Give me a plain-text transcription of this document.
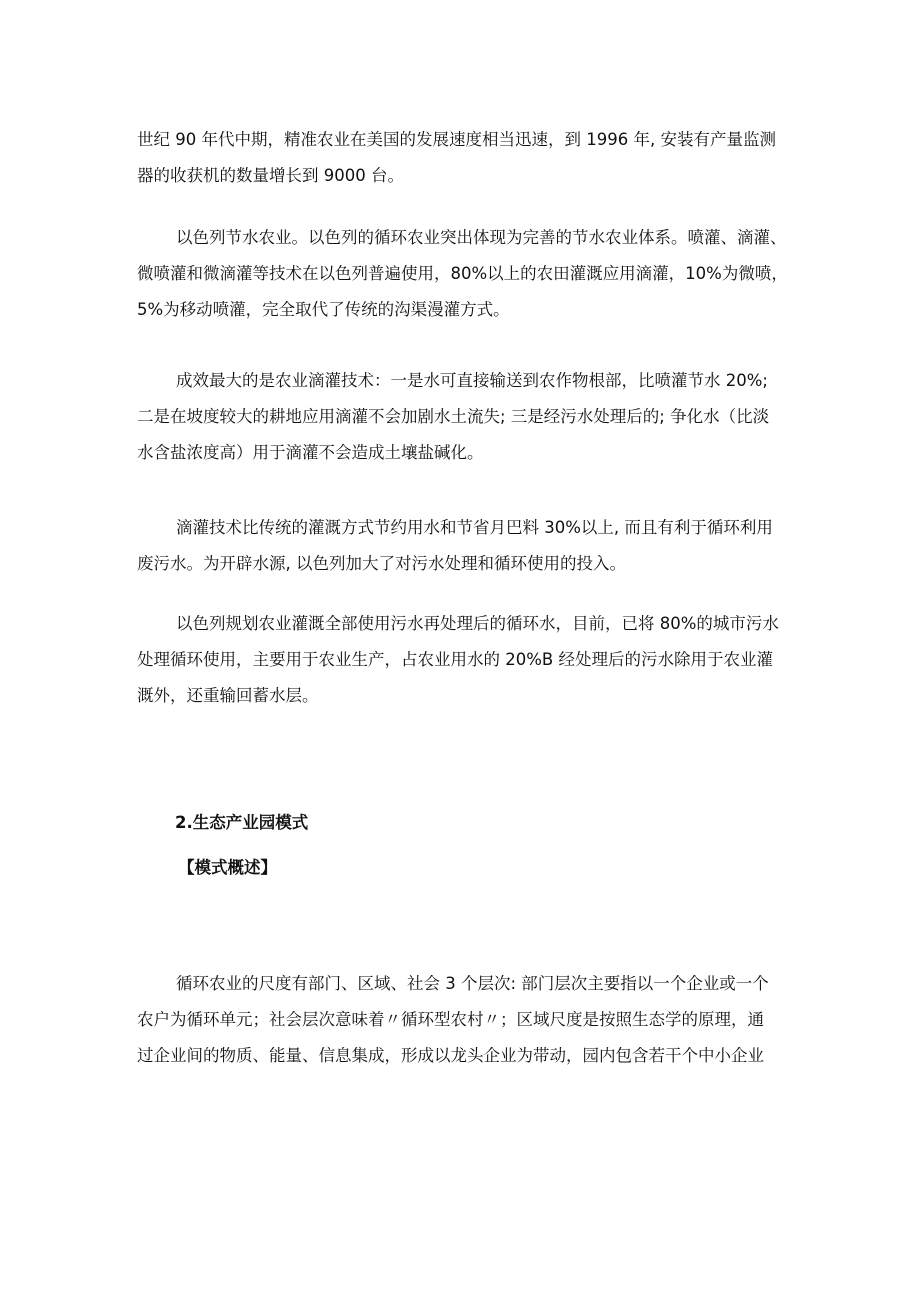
世纪 90 年代中期，精准农业在美国的发展速度相当迅速，到 1996 年, 安装有产量监测
器的收获机的数量增长到 9000 台。

以色列节水农业。以色列的循环农业突出体现为完善的节水农业体系。喷灌、滴灌、
微喷灌和微滴灌等技术在以色列普遍使用，80%以上的农田灌溉应用滴灌，10%为微喷，
5%为移动喷灌，完全取代了传统的沟渠漫灌方式。

成效最大的是农业滴灌技术：一是水可直接输送到农作物根部，比喷灌节水 20%;
二是在坡度较大的耕地应用滴灌不会加剧水土流失; 三是经污水处理后的; 争化水（比淡
水含盐浓度高）用于滴灌不会造成土壤盐碱化。

滴灌技术比传统的灌溉方式节约用水和节省月巴料 30%以上, 而且有利于循环利用
废污水。为开辟水源, 以色列加大了对污水处理和循环使用的投入。

以色列规划农业灌溉全部使用污水再处理后的循环水，目前，已将 80%的城市污水
处理循环使用，主要用于农业生产，占农业用水的 20%B 经处理后的污水除用于农业灌
溉外，还重输回蓄水层。

2.生态产业园模式
【模式概述】

循环农业的尺度有部门、区域、社会 3 个层次: 部门层次主要指以一个企业或一个
农户为循环单元；社会层次意味着〃循环型农村〃；区域尺度是按照生态学的原理，通
过企业间的物质、能量、信息集成，形成以龙头企业为带动，园内包含若干个中小企业
